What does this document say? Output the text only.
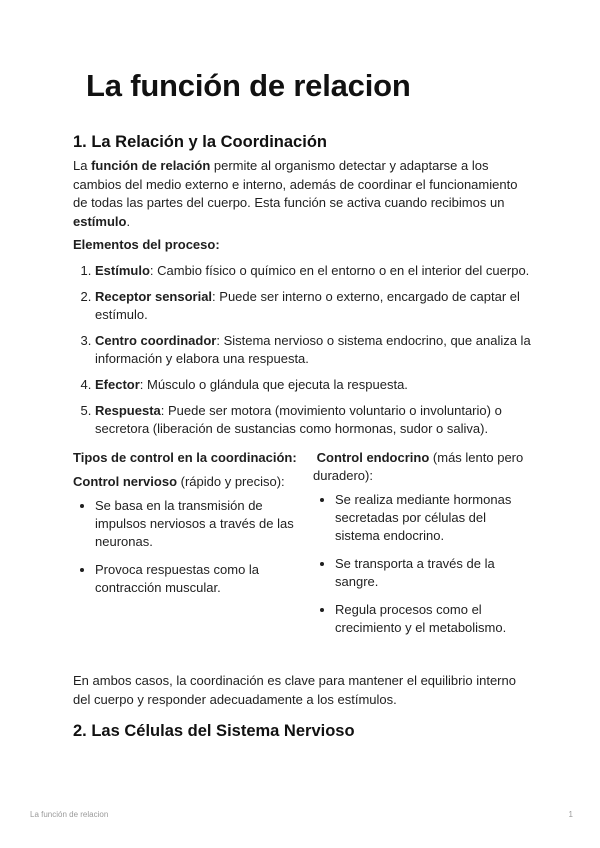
La función de relacion
1. La Relación y la Coordinación

La función de relación permite al organismo detectar y adaptarse a los cambios del medio externo e interno, además de coordinar el funcionamiento de todas las partes del cuerpo. Esta función se activa cuando recibimos un estímulo.

Elementos del proceso:

1. Estímulo: Cambio físico o químico en el entorno o en el interior del cuerpo.
2. Receptor sensorial: Puede ser interno o externo, encargado de captar el estímulo.
3. Centro coordinador: Sistema nervioso o sistema endocrino, que analiza la información y elabora una respuesta.
4. Efector: Músculo o glándula que ejecuta la respuesta.
5. Respuesta: Puede ser motora (movimiento voluntario o involuntario) o secretora (liberación de sustancias como hormonas, sudor o saliva).

Tipos de control en la coordinación:

Control nervioso (rápido y preciso):

• Se basa en la transmisión de impulsos nerviosos a través de las neuronas.
• Provoca respuestas como la contracción muscular.

Control endocrino (más lento pero duradero):

• Se realiza mediante hormonas secretadas por células del sistema endocrino.
• Se transporta a través de la sangre.
• Regula procesos como el crecimiento y el metabolismo.

En ambos casos, la coordinación es clave para mantener el equilibrio interno del cuerpo y responder adecuadamente a los estímulos.

2. Las Células del Sistema Nervioso
La función de relacion	1
